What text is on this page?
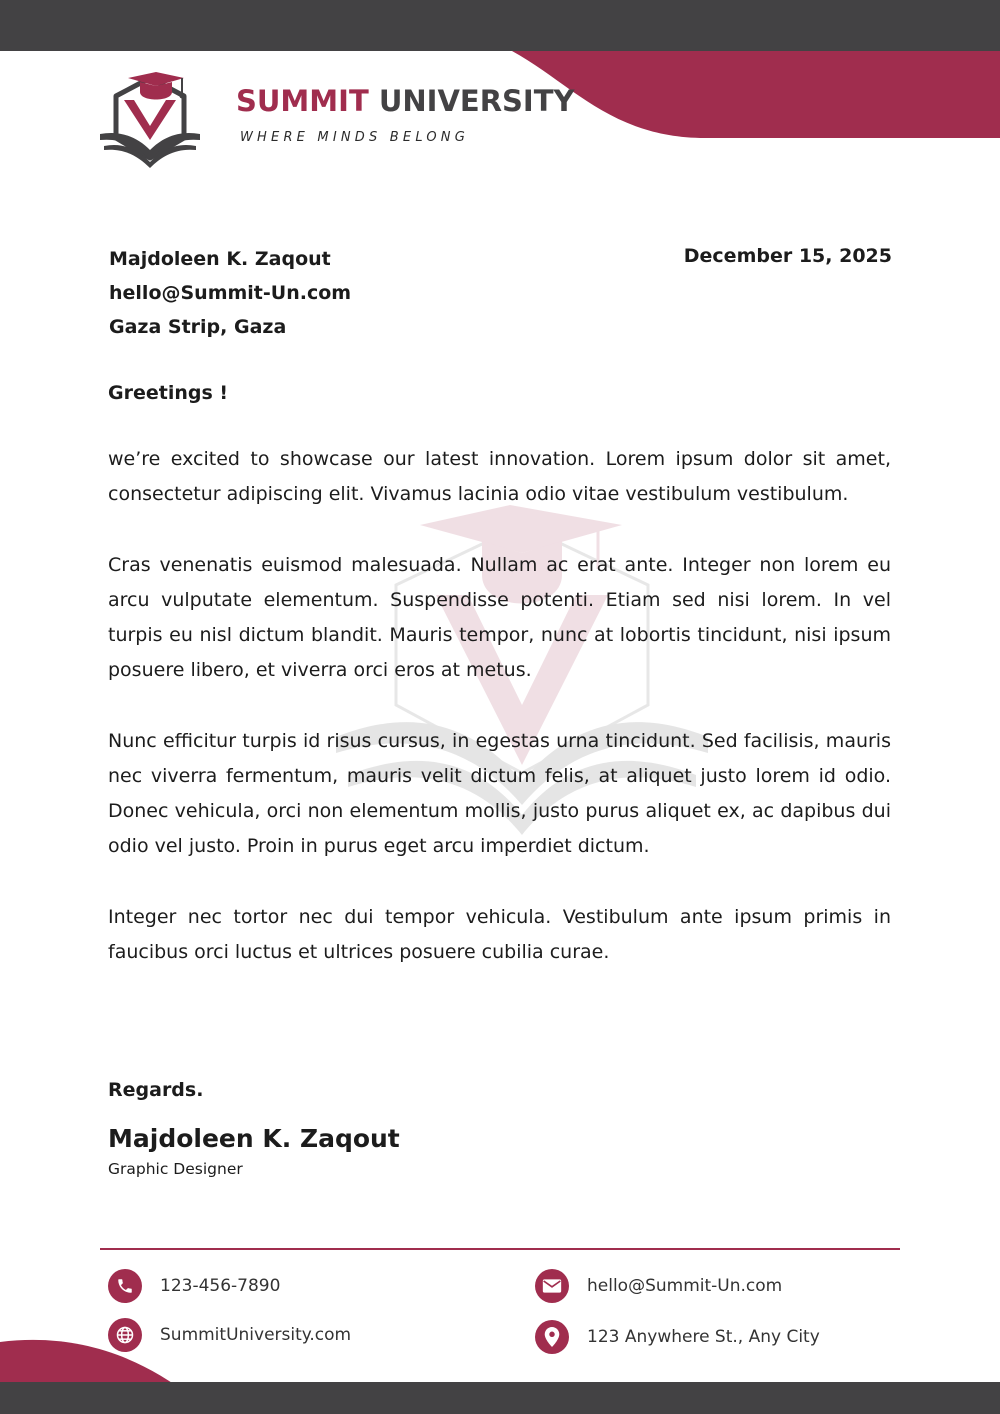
SUMMIT UNIVERSITY
WHERE MINDS BELONG
Majdoleen K. Zaqout
hello@Summit-Un.com
Gaza Strip, Gaza
December 15, 2025
Greetings !

we’re excited to showcase our latest innovation. Lorem ipsum dolor sit amet, consectetur adipiscing elit. Vivamus lacinia odio vitae vestibulum vestibulum.

Cras venenatis euismod malesuada. Nullam ac erat ante. Integer non lorem eu arcu vulputate elementum. Suspendisse potenti. Etiam sed nisi lorem. In vel turpis eu nisl dictum blandit. Mauris tempor, nunc at lobortis tincidunt, nisi ipsum posuere libero, et viverra orci eros at metus.

Nunc efficitur turpis id risus cursus, in egestas urna tincidunt. Sed facilisis, mauris nec viverra fermentum, mauris velit dictum felis, at aliquet justo lorem id odio. Donec vehicula, orci non elementum mollis, justo purus aliquet ex, ac dapibus dui odio vel justo. Proin in purus eget arcu imperdiet dictum.

Integer nec tortor nec dui tempor vehicula. Vestibulum ante ipsum primis in faucibus orci luctus et ultrices posuere cubilia curae.

Regards.
Majdoleen K. Zaqout
Graphic Designer
123-456-7890
SummitUniversity.com
hello@Summit-Un.com
123 Anywhere St., Any City
